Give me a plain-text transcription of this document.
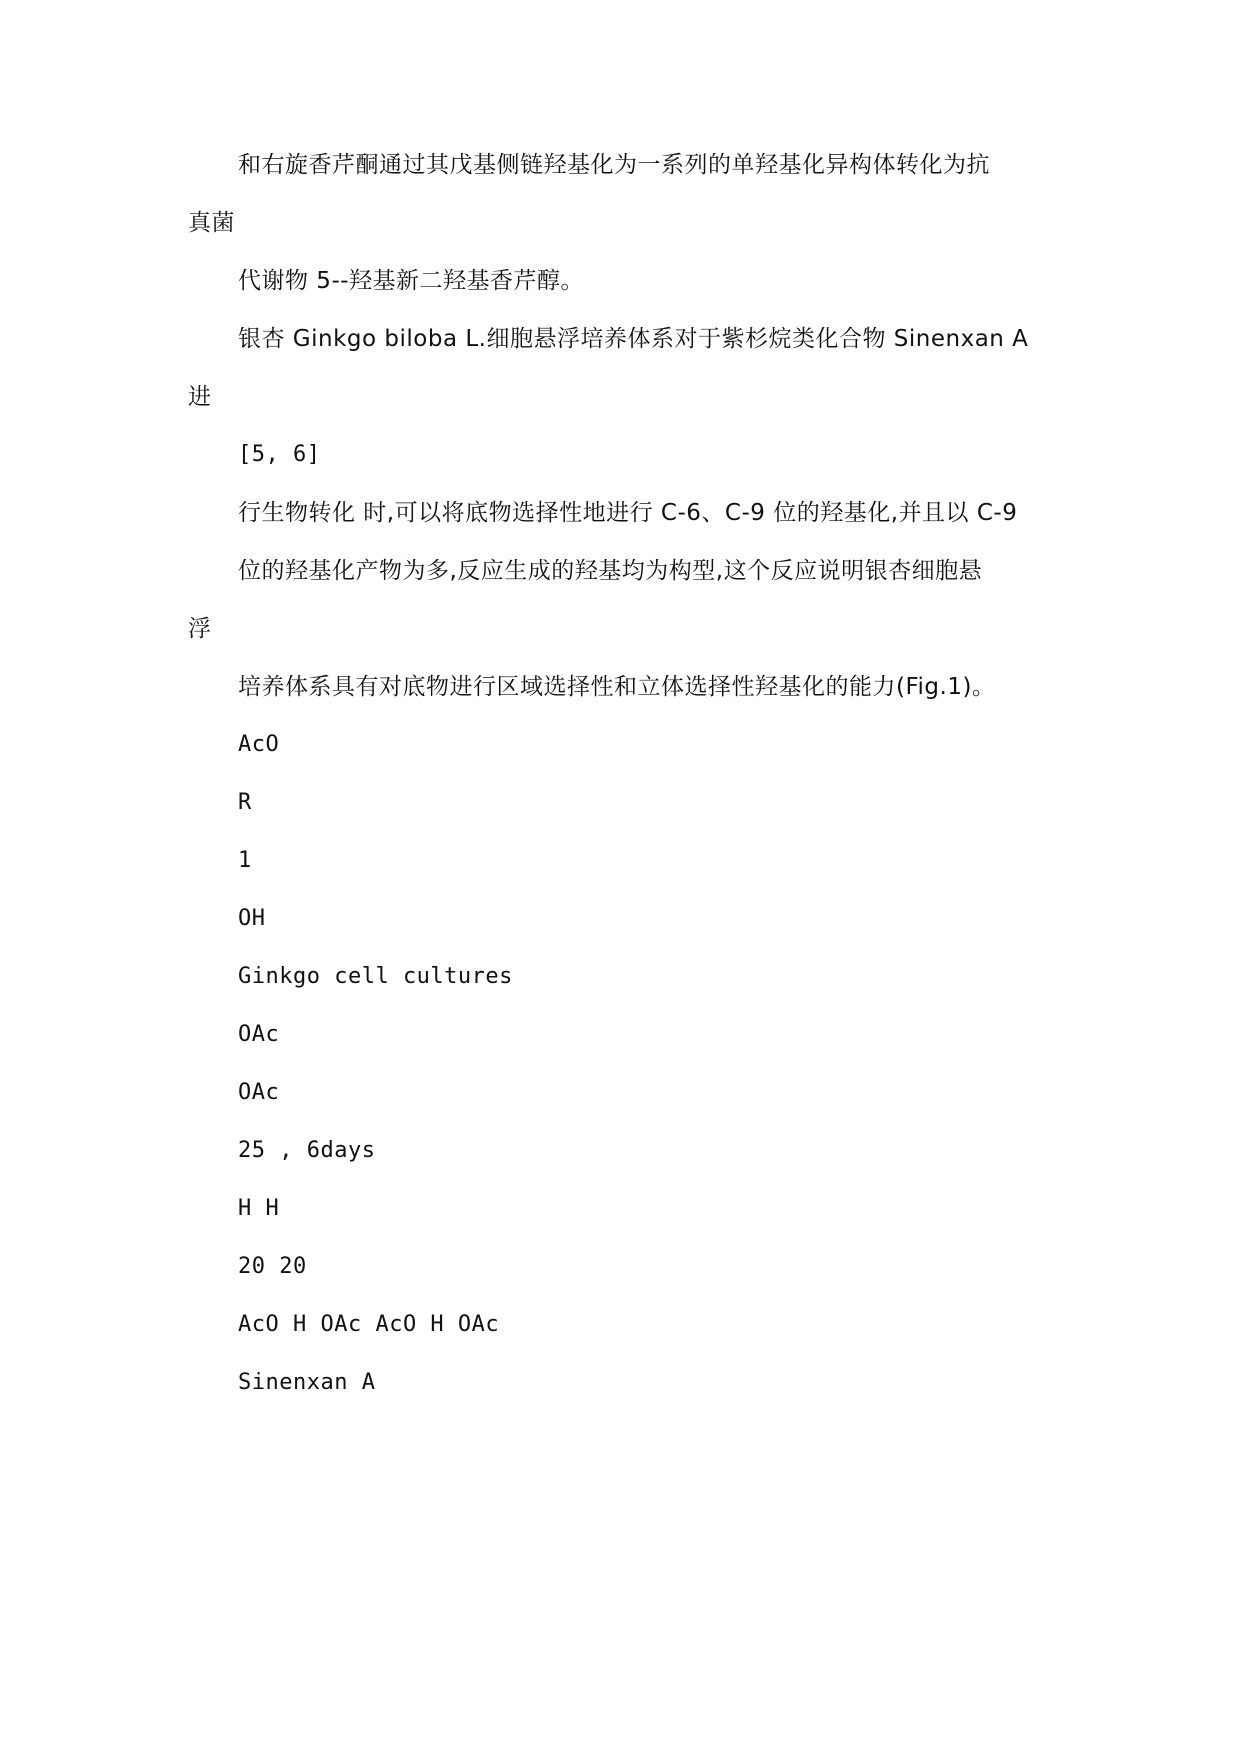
和右旋香芹酮通过其戊基侧链羟基化为一系列的单羟基化异构体转化为抗
真菌
代谢物 5--羟基新二羟基香芹醇。
银杏 Ginkgo biloba L.细胞悬浮培养体系对于紫杉烷类化合物 Sinenxan A
进
[5, 6]
行生物转化 时,可以将底物选择性地进行 C-6、C-9 位的羟基化,并且以 C-9
位的羟基化产物为多,反应生成的羟基均为构型,这个反应说明银杏细胞悬
浮
培养体系具有对底物进行区域选择性和立体选择性羟基化的能力(Fig.1)。
AcO
R
1
OH
Ginkgo cell cultures
OAc
OAc
25 , 6days
H H
20 20
AcO H OAc AcO H OAc
Sinenxan A
